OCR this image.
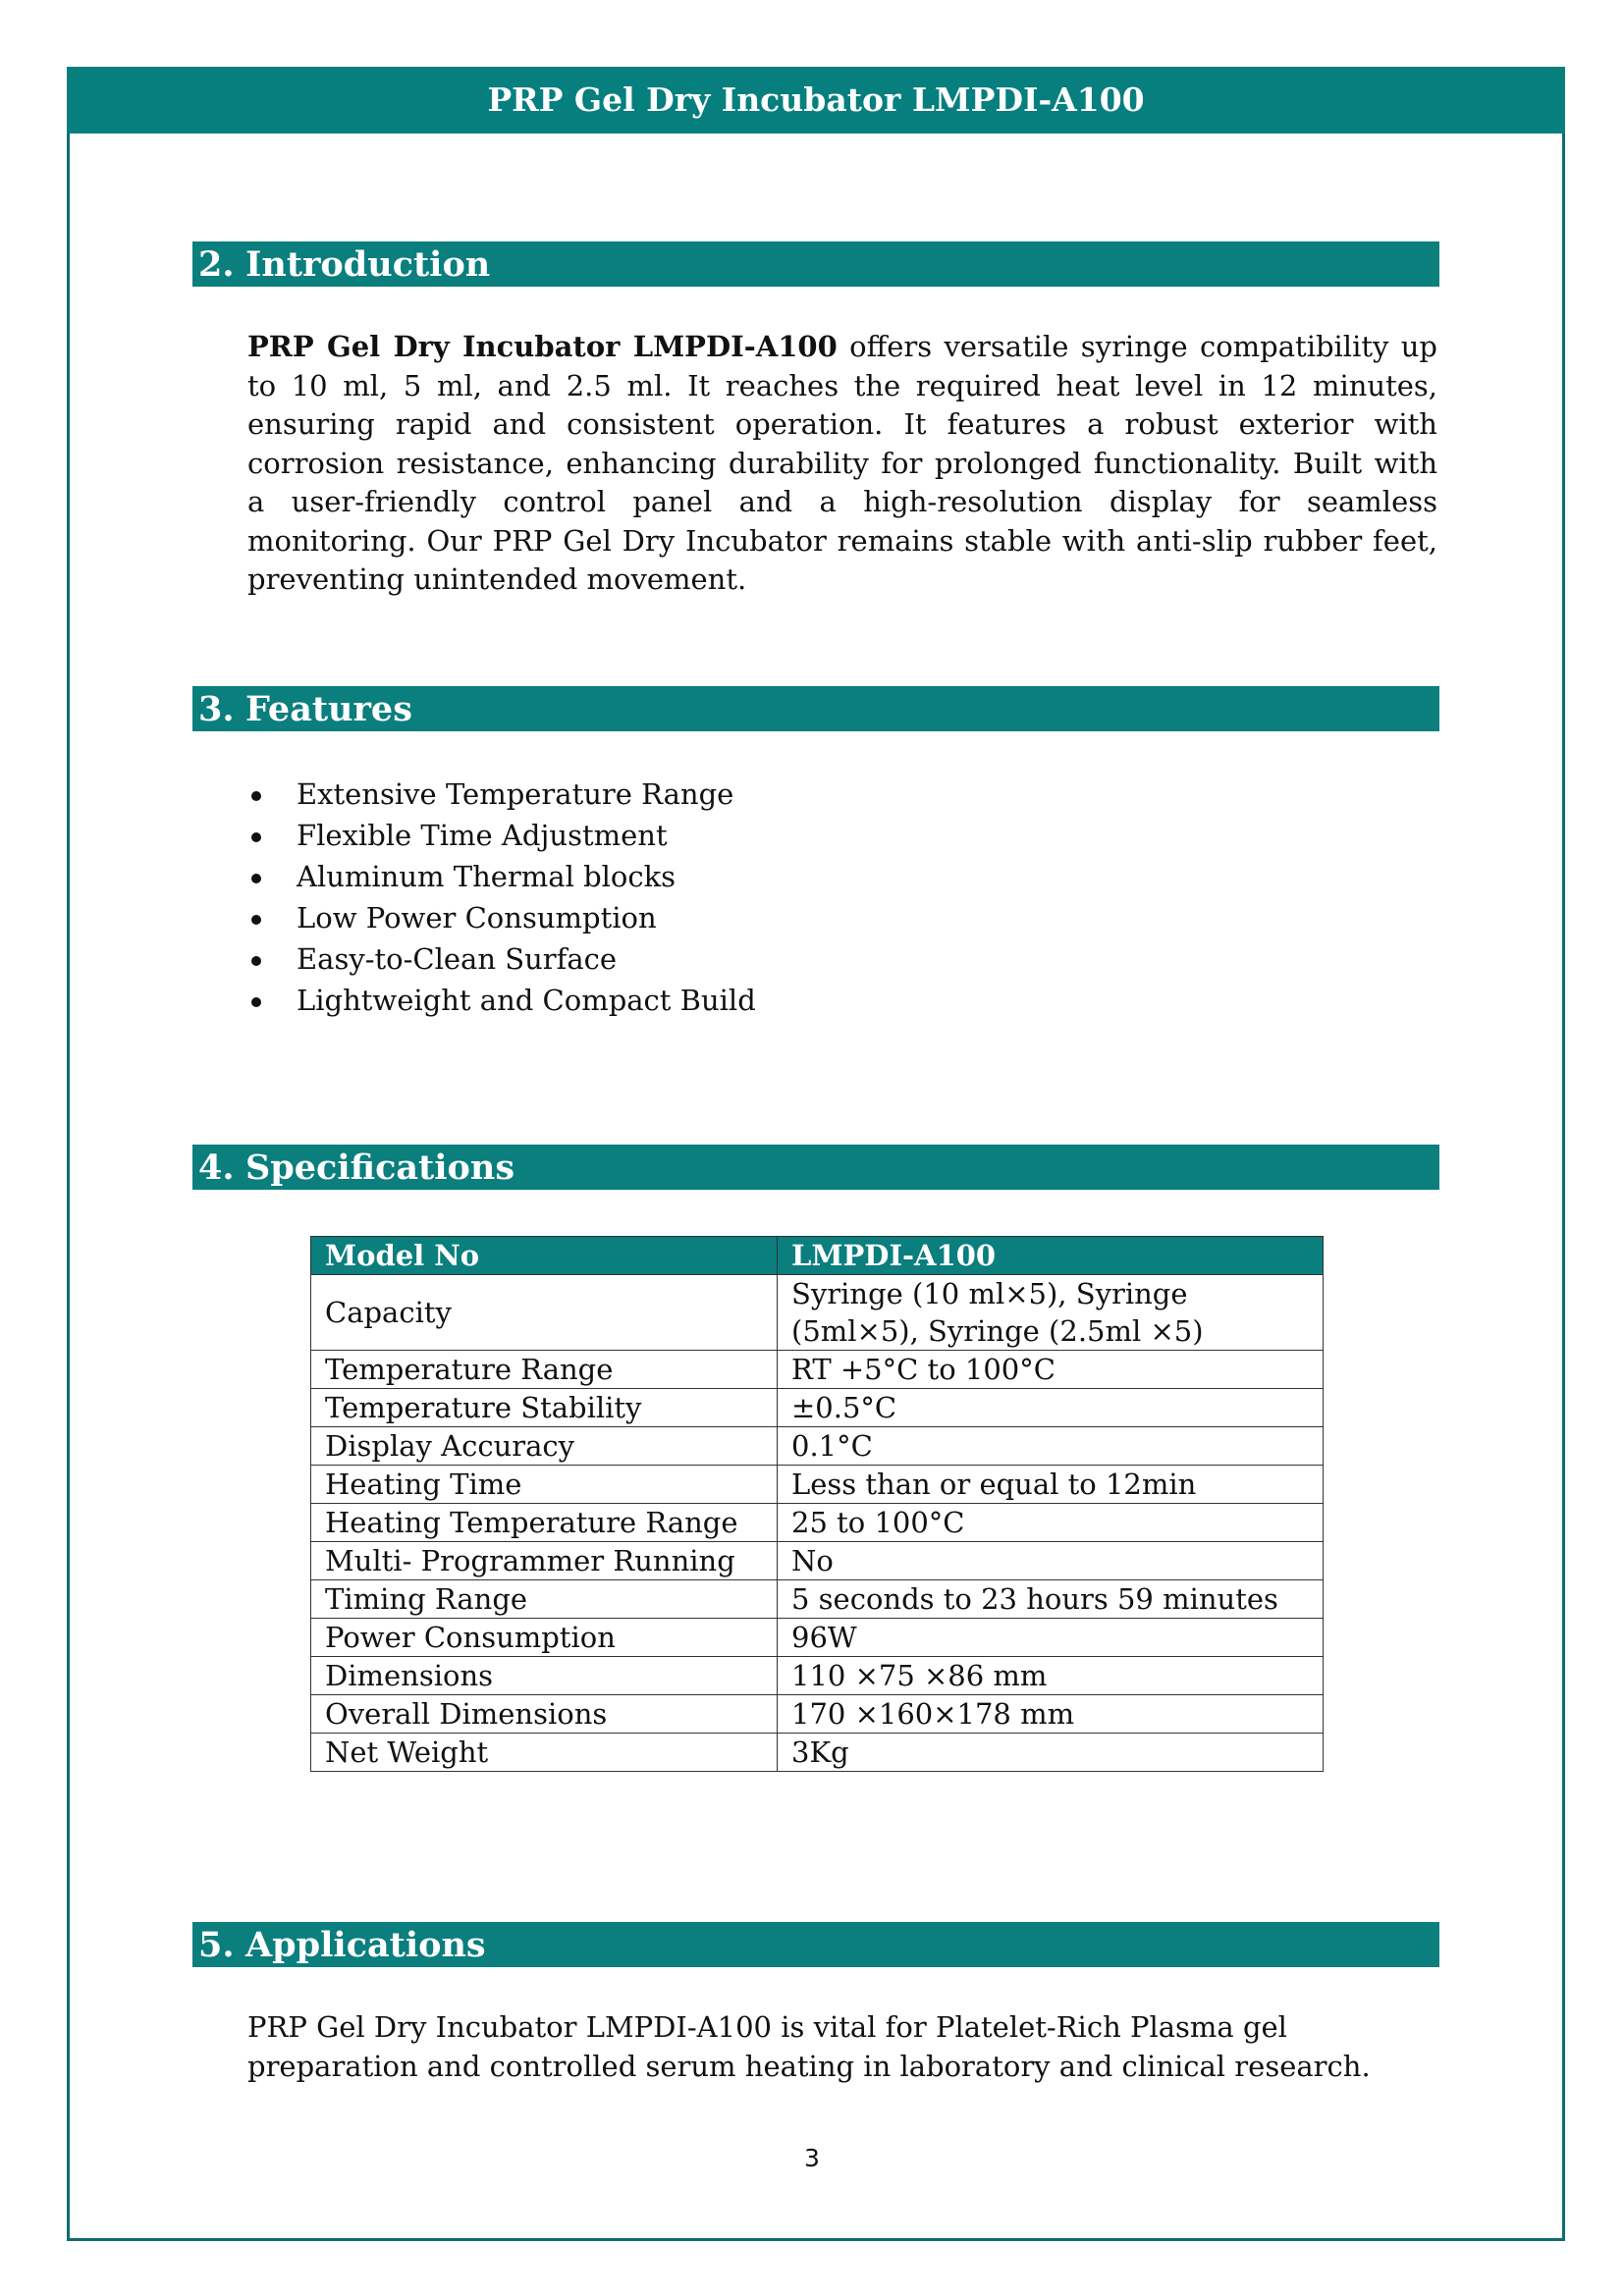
PRP Gel Dry Incubator LMPDI-A100
2. Introduction
PRP Gel Dry Incubator LMPDI-A100 offers versatile syringe compatibility up to 10 ml, 5 ml, and 2.5 ml. It reaches the required heat level in 12 minutes, ensuring rapid and consistent operation. It features a robust exterior with corrosion resistance, enhancing durability for prolonged functionality. Built with a user-friendly control panel and a high-resolution display for seamless monitoring. Our PRP Gel Dry Incubator remains stable with anti-slip rubber feet, preventing unintended movement.
3. Features
Extensive Temperature Range
Flexible Time Adjustment
Aluminum Thermal blocks
Low Power Consumption
Easy-to-Clean Surface
Lightweight and Compact Build
4. Specifications
Model No	LMPDI-A100
Capacity	Syringe (10 ml×5), Syringe (5ml×5), Syringe (2.5ml ×5)
Temperature Range	RT +5°C to 100°C
Temperature Stability	±0.5°C
Display Accuracy	0.1°C
Heating Time	Less than or equal to 12min
Heating Temperature Range	25 to 100°C
Multi- Programmer Running	No
Timing Range	5 seconds to 23 hours 59 minutes
Power Consumption	96W
Dimensions	110 ×75 ×86 mm
Overall Dimensions	170 ×160×178 mm
Net Weight	3Kg
5. Applications
PRP Gel Dry Incubator LMPDI-A100 is vital for Platelet-Rich Plasma gel preparation and controlled serum heating in laboratory and clinical research.
3
